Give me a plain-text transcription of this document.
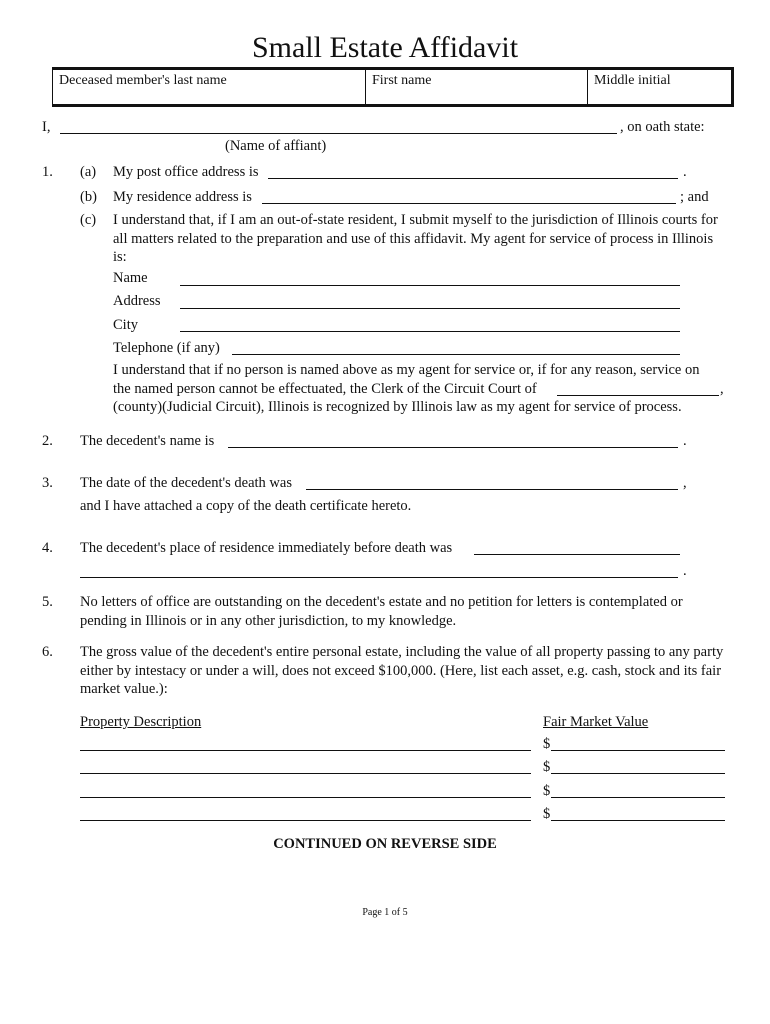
Small Estate Affidavit
Deceased member's last name	First name	Middle initial
I,	, on oath state:
(Name of affiant)
1. (a) My post office address is	.
(b) My residence address is	; and
(c) I understand that, if I am an out-of-state resident, I submit myself to the jurisdiction of Illinois courts for all matters related to the preparation and use of this affidavit. My agent for service of process in Illinois is:
Name
Address
City
Telephone (if any)
I understand that if no person is named above as my agent for service or, if for any reason, service on
the named person cannot be effectuated, the Clerk of the Circuit Court of	,
(county)(Judicial Circuit), Illinois is recognized by Illinois law as my agent for service of process.
2. The decedent's name is	.
3. The date of the decedent's death was	,
and I have attached a copy of the death certificate hereto.
4. The decedent's place of residence immediately before death was
.
5. No letters of office are outstanding on the decedent's estate and no petition for letters is contemplated or pending in Illinois or in any other jurisdiction, to my knowledge.
6. The gross value of the decedent's entire personal estate, including the value of all property passing to any party either by intestacy or under a will, does not exceed $100,000. (Here, list each asset, e.g. cash, stock and its fair market value.):
Property Description	Fair Market Value
$
$
$
$
CONTINUED ON REVERSE SIDE
Page 1 of 5
